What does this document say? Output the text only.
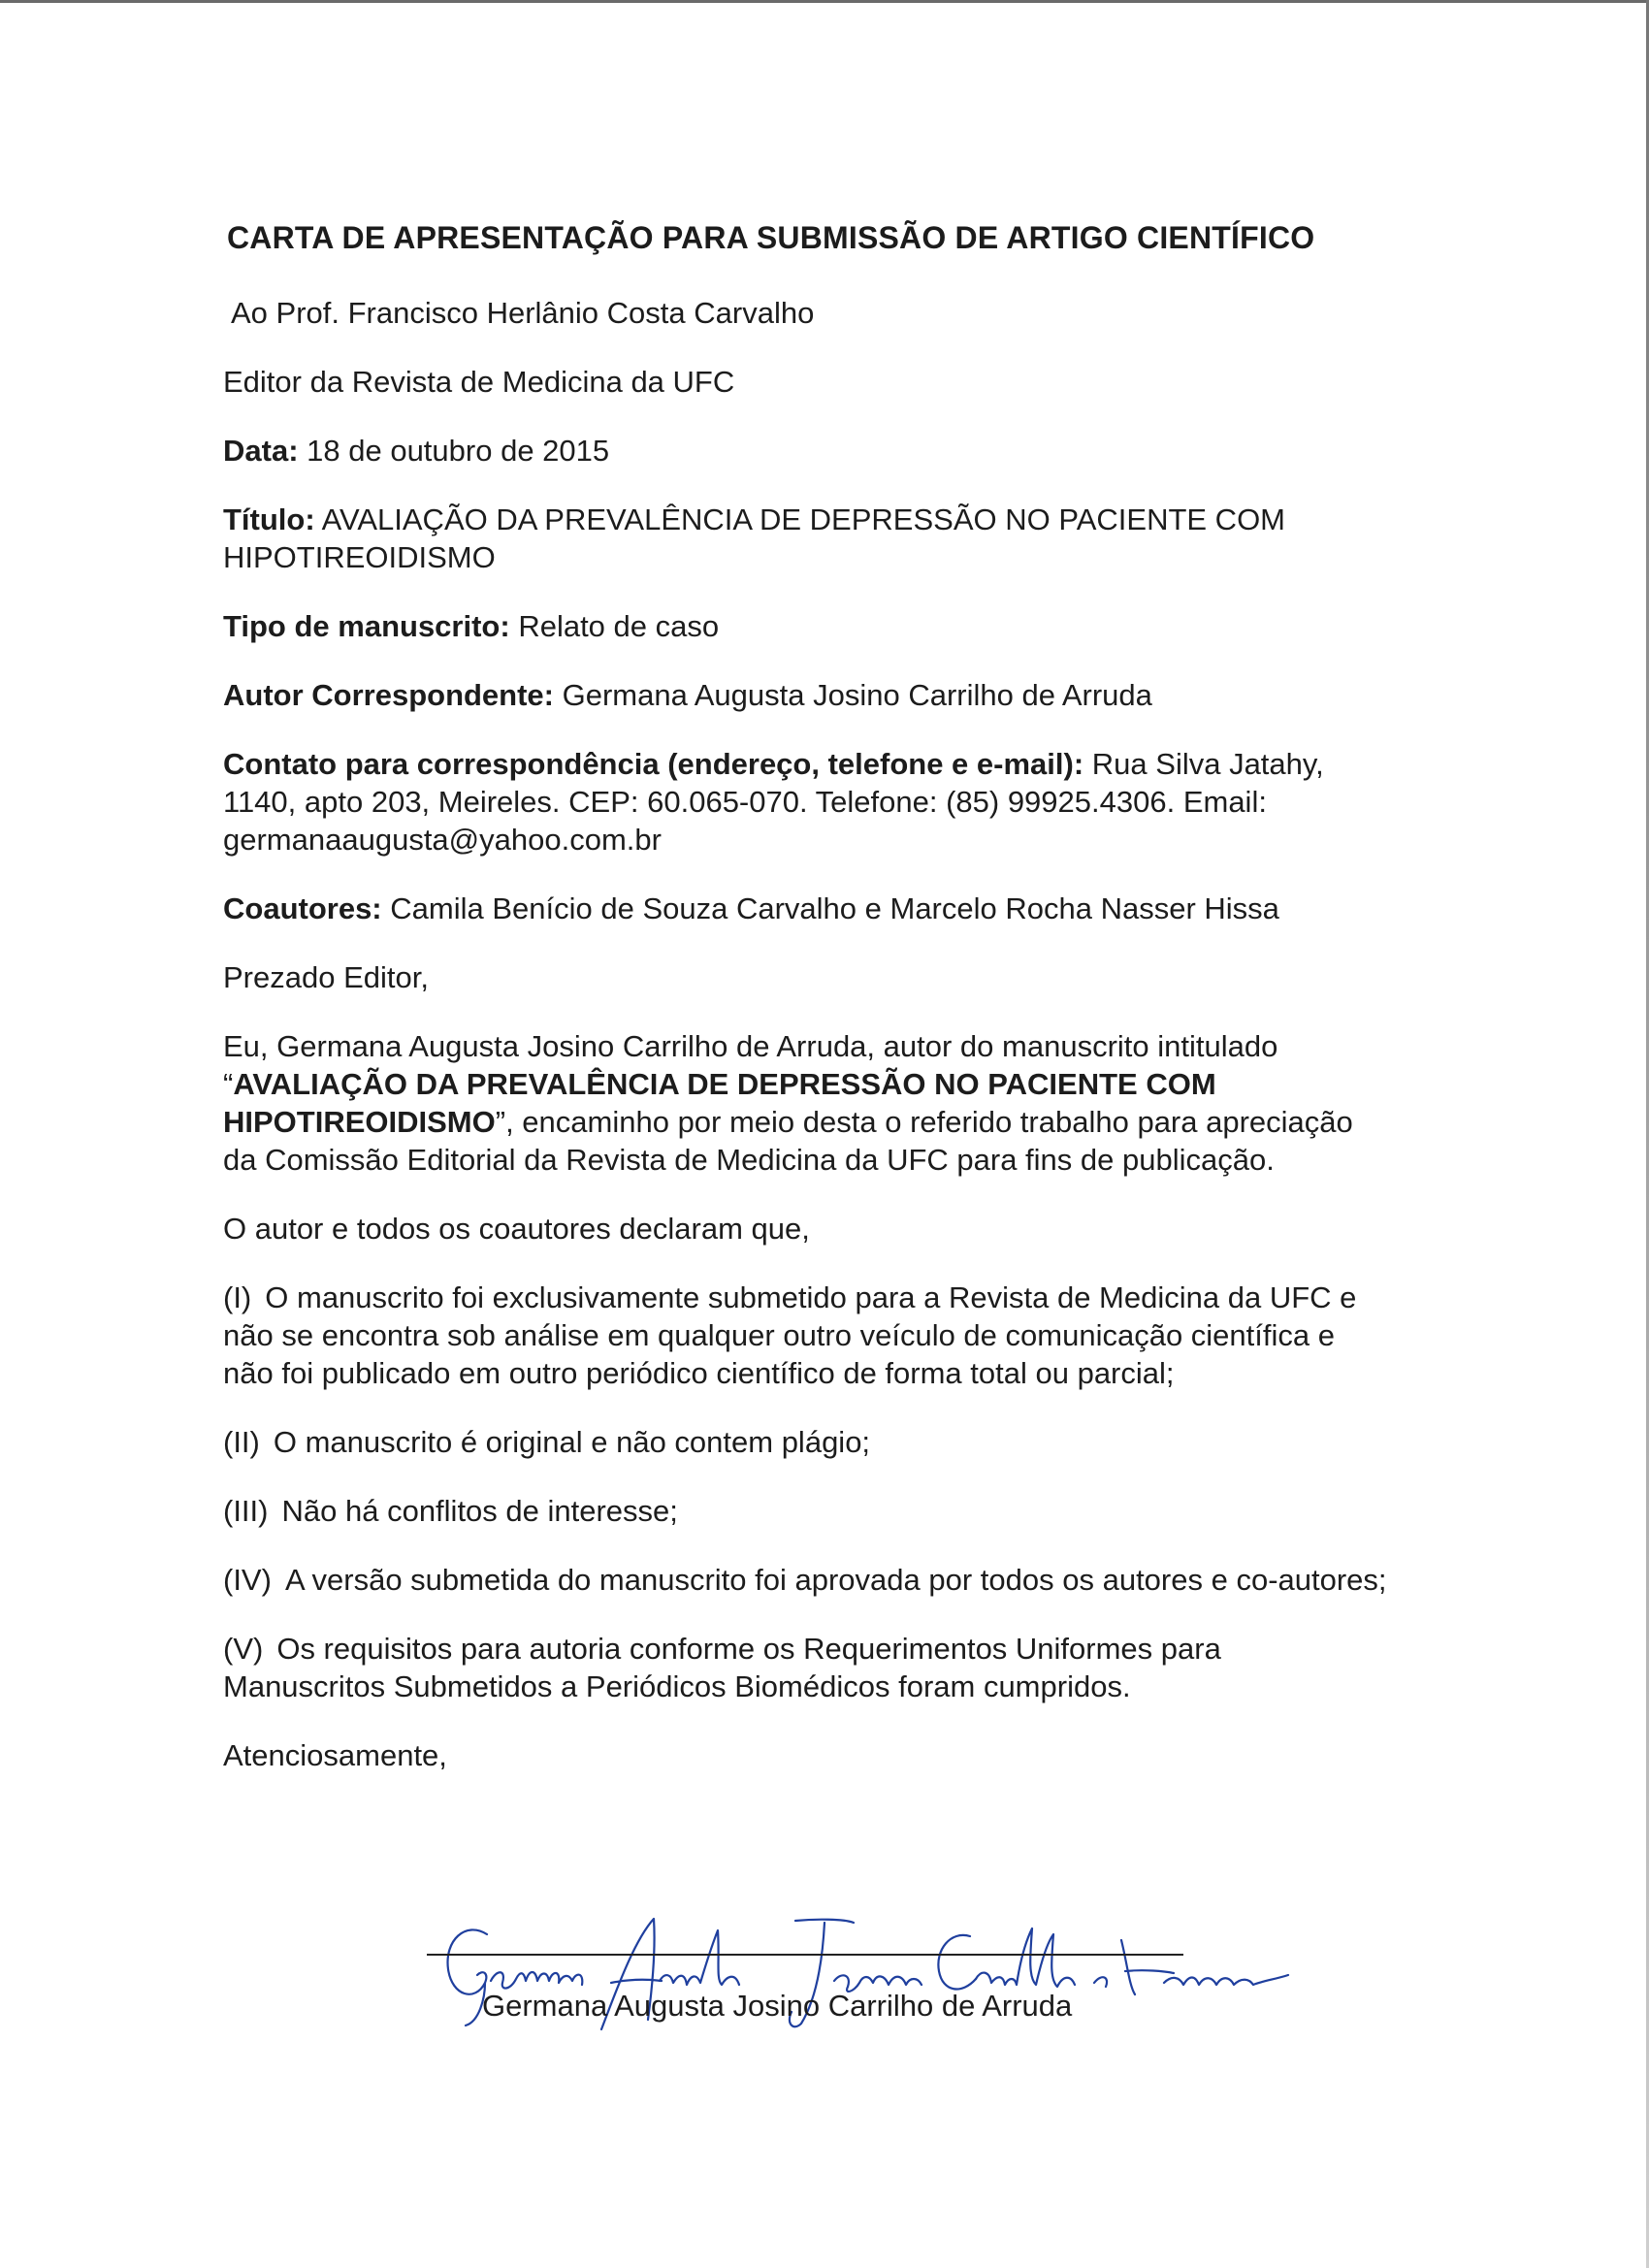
CARTA DE APRESENTAÇÃO PARA SUBMISSÃO DE ARTIGO CIENTÍFICO
Ao Prof. Francisco Herlânio Costa Carvalho
Editor da Revista de Medicina da UFC
Data: 18 de outubro de 2015
Título: AVALIAÇÃO DA PREVALÊNCIA DE DEPRESSÃO NO PACIENTE COM HIPOTIREOIDISMO
Tipo de manuscrito: Relato de caso
Autor Correspondente: Germana Augusta Josino Carrilho de Arruda
Contato para correspondência (endereço, telefone e e-mail): Rua Silva Jatahy, 1140, apto 203, Meireles. CEP: 60.065-070. Telefone: (85) 99925.4306. Email: germanaaugusta@yahoo.com.br
Coautores: Camila Benício de Souza Carvalho e Marcelo Rocha Nasser Hissa
Prezado Editor,
Eu, Germana Augusta Josino Carrilho de Arruda, autor do manuscrito intitulado “AVALIAÇÃO DA PREVALÊNCIA DE DEPRESSÃO NO PACIENTE COM HIPOTIREOIDISMO”, encaminho por meio desta o referido trabalho para apreciação da Comissão Editorial da Revista de Medicina da UFC para fins de publicação.
O autor e todos os coautores declaram que,
(I) O manuscrito foi exclusivamente submetido para a Revista de Medicina da UFC e não se encontra sob análise em qualquer outro veículo de comunicação científica e não foi publicado em outro periódico científico de forma total ou parcial;
(II) O manuscrito é original e não contem plágio;
(III) Não há conflitos de interesse;
(IV) A versão submetida do manuscrito foi aprovada por todos os autores e co-autores;
(V) Os requisitos para autoria conforme os Requerimentos Uniformes para Manuscritos Submetidos a Periódicos Biomédicos foram cumpridos.
Atenciosamente,
Germana Augusta Josino Carrilho de Arruda
